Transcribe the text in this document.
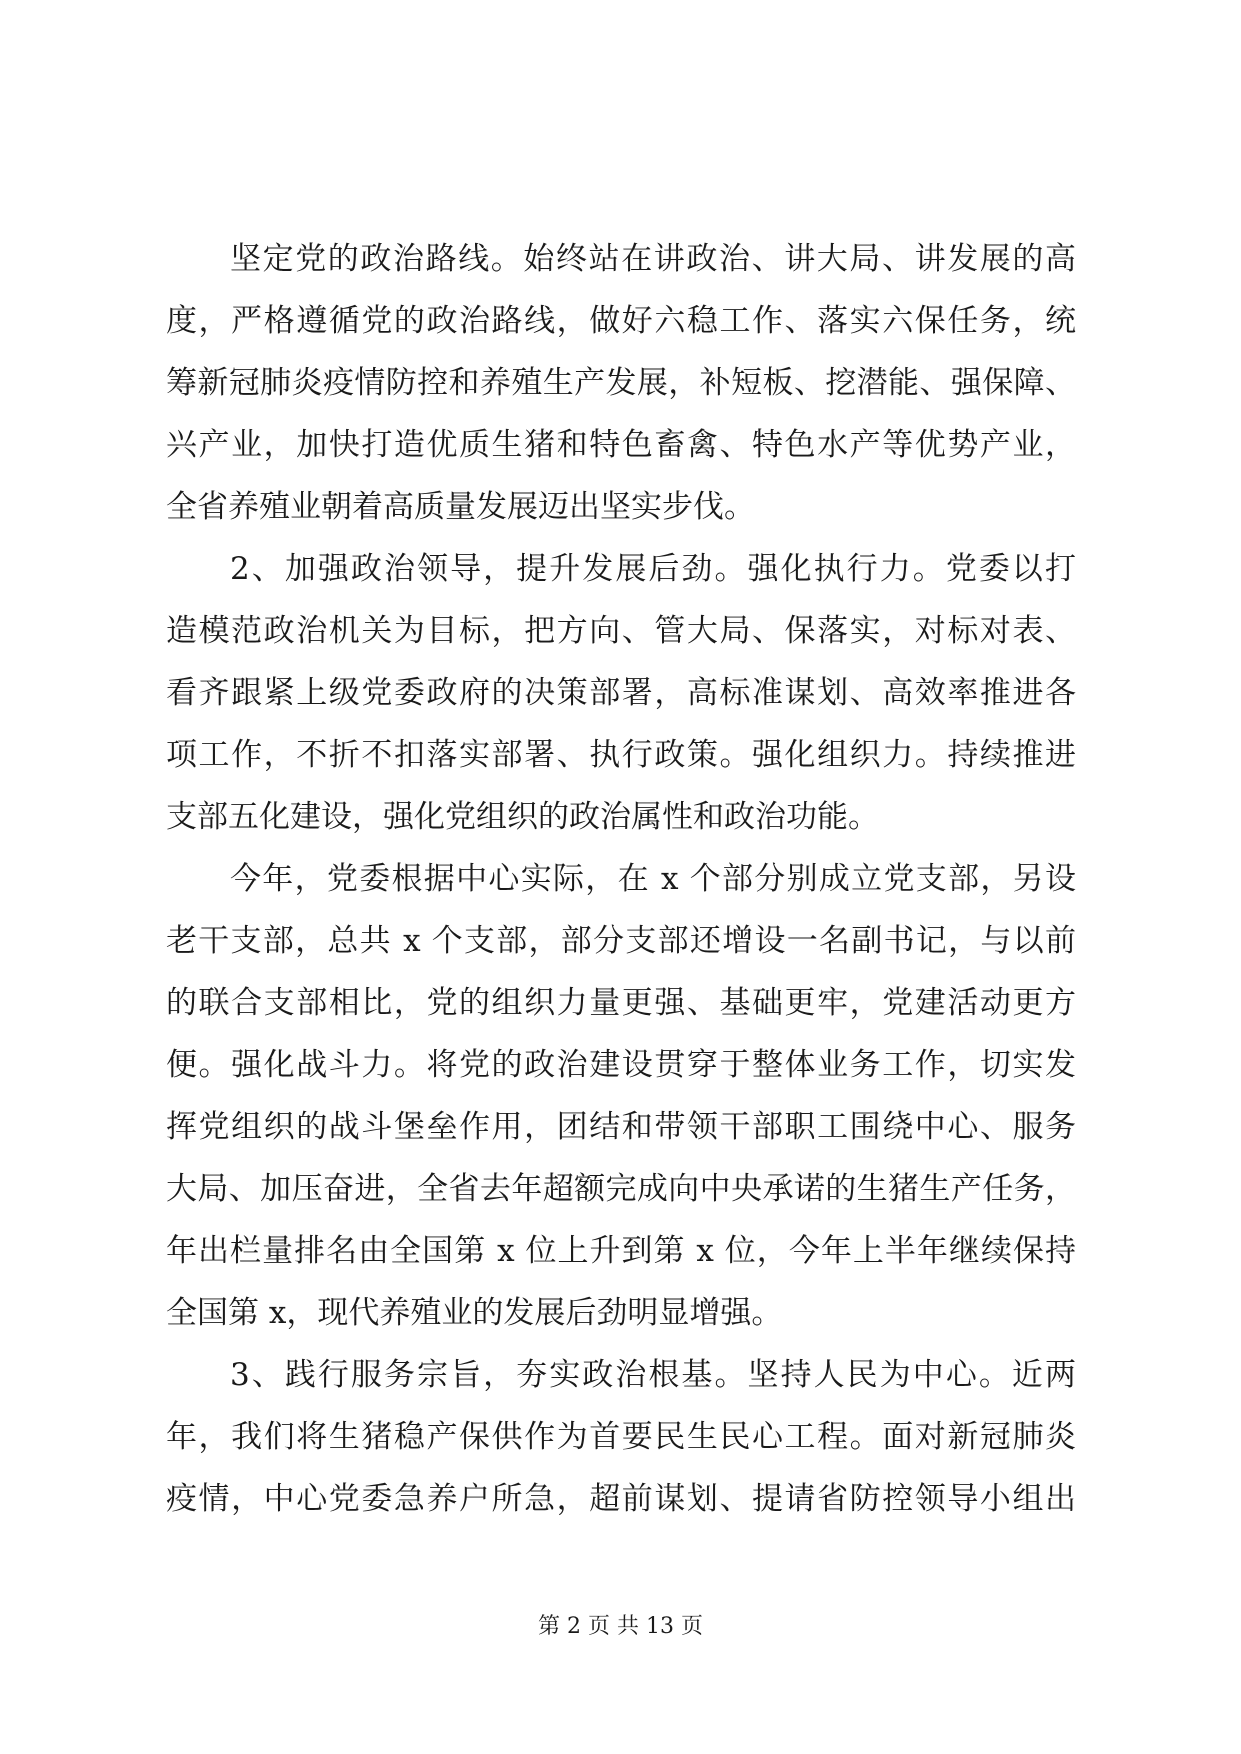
坚定党的政治路线。始终站在讲政治、讲大局、讲发展的高
度，严格遵循党的政治路线，做好六稳工作、落实六保任务，统
筹新冠肺炎疫情防控和养殖生产发展，补短板、挖潜能、强保障、
兴产业，加快打造优质生猪和特色畜禽、特色水产等优势产业，
全省养殖业朝着高质量发展迈出坚实步伐。
2、加强政治领导，提升发展后劲。强化执行力。党委以打
造模范政治机关为目标，把方向、管大局、保落实，对标对表、
看齐跟紧上级党委政府的决策部署，高标准谋划、高效率推进各
项工作，不折不扣落实部署、执行政策。强化组织力。持续推进
支部五化建设，强化党组织的政治属性和政治功能。
今年，党委根据中心实际，在 x 个部分别成立党支部，另设
老干支部，总共 x 个支部，部分支部还增设一名副书记，与以前
的联合支部相比，党的组织力量更强、基础更牢，党建活动更方
便。强化战斗力。将党的政治建设贯穿于整体业务工作，切实发
挥党组织的战斗堡垒作用，团结和带领干部职工围绕中心、服务
大局、加压奋进，全省去年超额完成向中央承诺的生猪生产任务，
年出栏量排名由全国第 x 位上升到第 x 位，今年上半年继续保持
全国第 x，现代养殖业的发展后劲明显增强。
3、践行服务宗旨，夯实政治根基。坚持人民为中心。近两
年，我们将生猪稳产保供作为首要民生民心工程。面对新冠肺炎
疫情，中心党委急养户所急，超前谋划、提请省防控领导小组出
第 2 页 共 13 页
